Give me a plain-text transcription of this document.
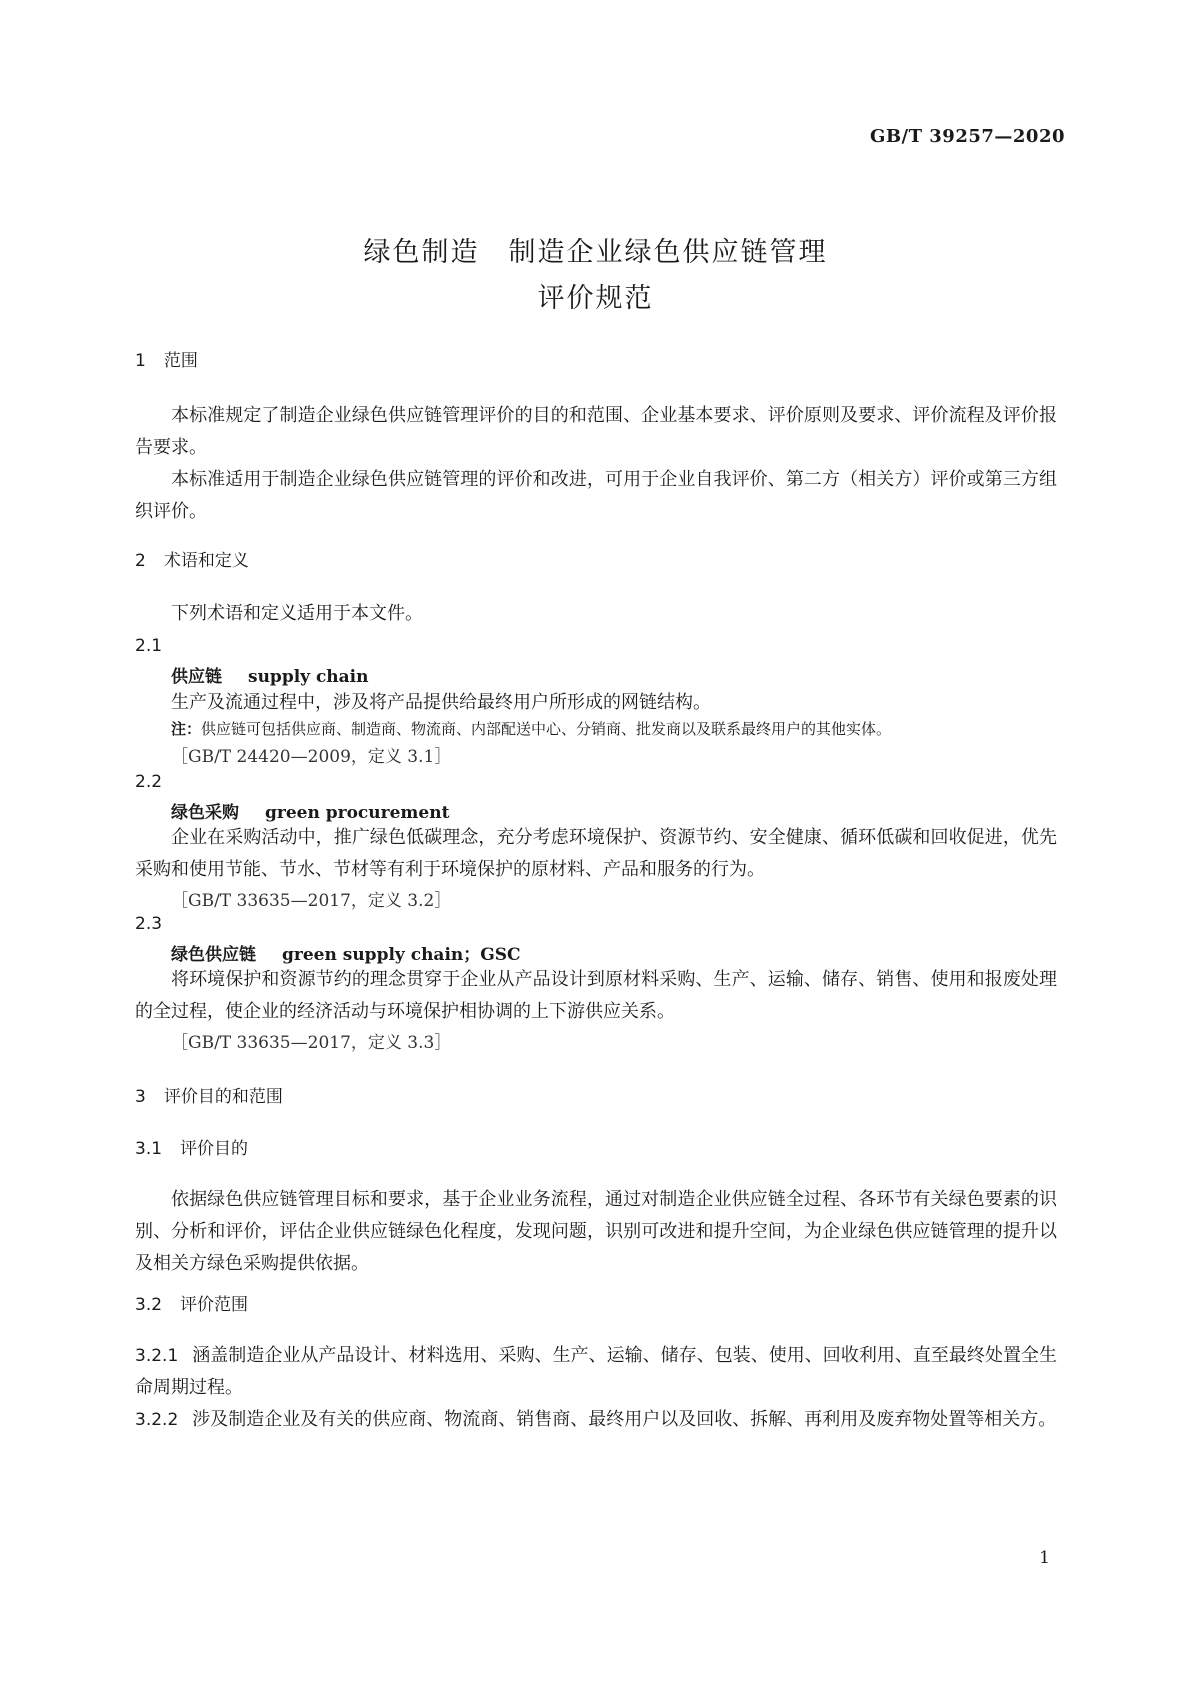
GB/T 39257—2020
绿色制造　制造企业绿色供应链管理
评价规范
1 范围
本标准规定了制造企业绿色供应链管理评价的目的和范围、企业基本要求、评价原则及要求、评价流程及评价报告要求。
本标准适用于制造企业绿色供应链管理的评价和改进，可用于企业自我评价、第二方（相关方）评价或第三方组织评价。
2 术语和定义
下列术语和定义适用于本文件。
2.1
供应链 supply chain
生产及流通过程中，涉及将产品提供给最终用户所形成的网链结构。
注：供应链可包括供应商、制造商、物流商、内部配送中心、分销商、批发商以及联系最终用户的其他实体。
［GB/T 24420—2009，定义 3.1］
2.2
绿色采购 green procurement
企业在采购活动中，推广绿色低碳理念，充分考虑环境保护、资源节约、安全健康、循环低碳和回收促进，优先采购和使用节能、节水、节材等有利于环境保护的原材料、产品和服务的行为。
［GB/T 33635—2017，定义 3.2］
2.3
绿色供应链 green supply chain；GSC
将环境保护和资源节约的理念贯穿于企业从产品设计到原材料采购、生产、运输、储存、销售、使用和报废处理的全过程，使企业的经济活动与环境保护相协调的上下游供应关系。
［GB/T 33635—2017，定义 3.3］
3 评价目的和范围
3.1 评价目的
依据绿色供应链管理目标和要求，基于企业业务流程，通过对制造企业供应链全过程、各环节有关绿色要素的识别、分析和评价，评估企业供应链绿色化程度，发现问题，识别可改进和提升空间，为企业绿色供应链管理的提升以及相关方绿色采购提供依据。
3.2 评价范围
3.2.1 涵盖制造企业从产品设计、材料选用、采购、生产、运输、储存、包装、使用、回收利用、直至最终处置全生命周期过程。
3.2.2 涉及制造企业及有关的供应商、物流商、销售商、最终用户以及回收、拆解、再利用及废弃物处置等相关方。
1
